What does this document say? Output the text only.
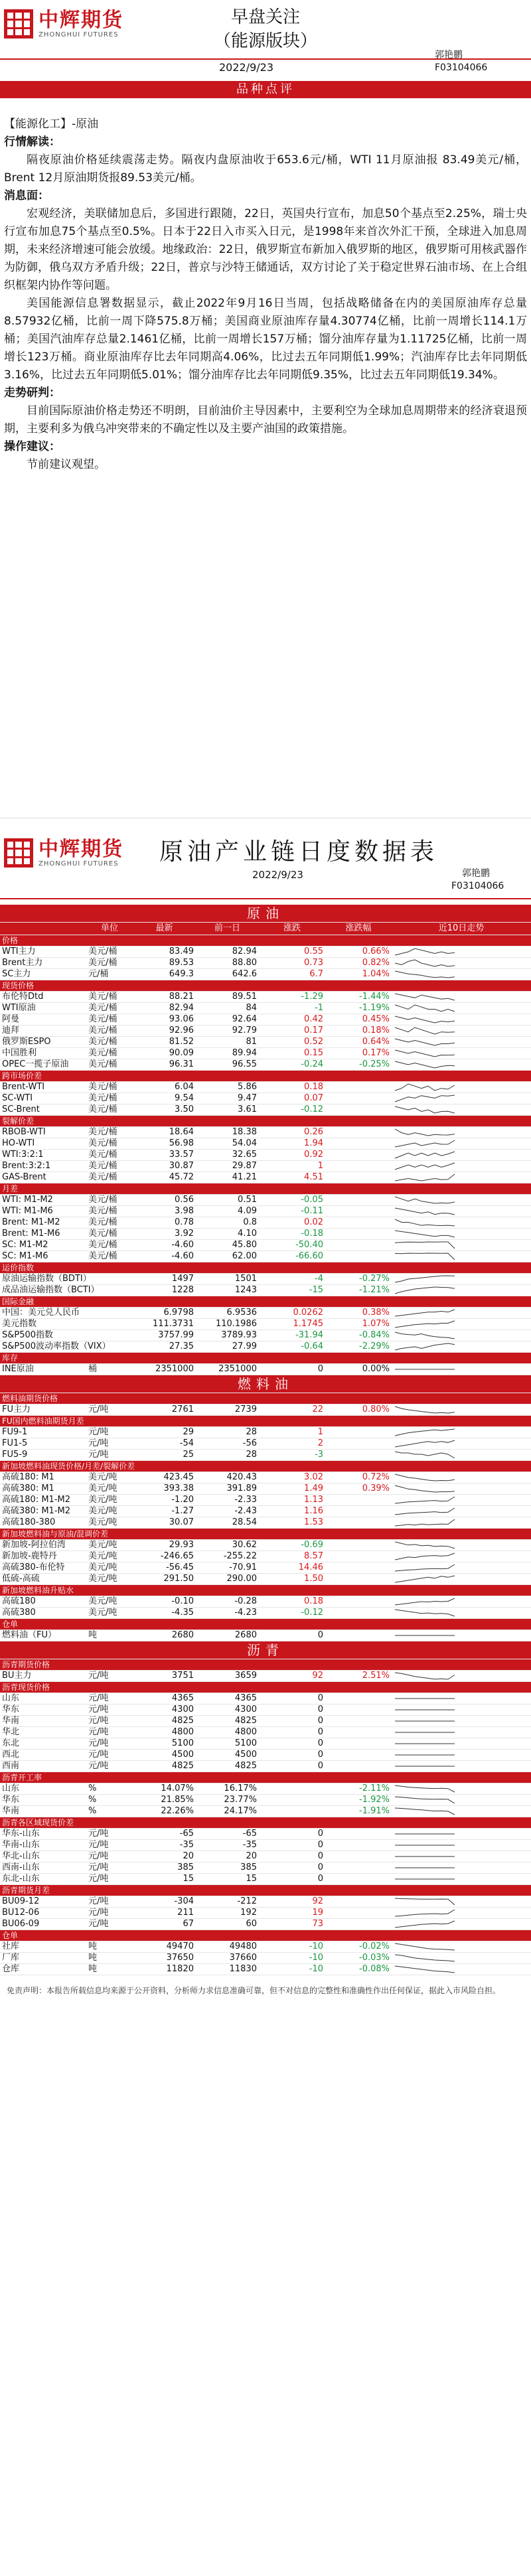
中辉期货
ZHONGHUI FUTURES
早盘关注
（能源版块）
郭艳鹏
2022/9/23	F03104066
品种点评
【能源化工】-原油
行情解读：

隔夜原油价格延续震荡走势。隔夜内盘原油收于653.6元/桶，WTI 11月原油报 83.49美元/桶，Brent 12月原油期货报89.53美元/桶。

消息面：

宏观经济，美联储加息后，多国进行跟随，22日，英国央行宣布，加息50个基点至2.25%，瑞士央行宣布加息75个基点至0.5%。日本于22日入市买入日元，是1998年来首次外汇干预，全球进入加息周期，未来经济增速可能会放缓。地缘政治：22日，俄罗斯宣布新加入俄罗斯的地区，俄罗斯可用核武器作为防御，俄乌双方矛盾升级；22日，普京与沙特王储通话，双方讨论了关于稳定世界石油市场、在上合组织框架内协作等问题。

美国能源信息署数据显示，截止2022年9月16日当周，包括战略储备在内的美国原油库存总量8.57932亿桶，比前一周下降575.8万桶；美国商业原油库存量4.30774亿桶，比前一周增长114.1万桶；美国汽油库存总量2.1461亿桶，比前一周增长157万桶；馏分油库存量为1.11725亿桶，比前一周增长123万桶。商业原油库存比去年同期高4.06%，比过去五年同期低1.99%；汽油库存比去年同期低3.16%，比过去五年同期低5.01%；馏分油库存比去年同期低9.35%，比过去五年同期低19.34%。

走势研判：

目前国际原油价格走势还不明朗，目前油价主导因素中，主要利空为全球加息周期带来的经济衰退预期，主要利多为俄乌冲突带来的不确定性以及主要产油国的政策措施。

操作建议：

节前建议观望。

中辉期货
ZHONGHUI FUTURES 原油产业链日度数据表
2022/9/23	郭艳鹏
F03104066
原油						
	单位	最新	前一日	涨跌	涨跌幅	近10日走势
价格						
WTI主力	美元/桶	83.49	82.94	0.55	0.66%	

Brent主力	美元/桶	89.53	88.80	0.73	0.82%	

SC主力	元/桶	649.3	642.6	6.7	1.04%	

现货价格						
布伦特Dtd	美元/桶	88.21	89.51	-1.29	-1.44%	

WTI原油	美元/桶	82.94	84	-1	-1.19%	

阿曼	美元/桶	93.06	92.64	0.42	0.45%	

迪拜	美元/桶	92.96	92.79	0.17	0.18%	

俄罗斯ESPO	美元/桶	81.52	81	0.52	0.64%	

中国胜利	美元/桶	90.09	89.94	0.15	0.17%	

OPEC一揽子原油	美元/桶	96.31	96.55	-0.24	-0.25%	

跨市场价差						
Brent-WTI	美元/桶	6.04	5.86	0.18		

SC-WTI	美元/桶	9.54	9.47	0.07		

SC-Brent	美元/桶	3.50	3.61	-0.12		

裂解价差						
RBOB-WTI	美元/桶	18.64	18.38	0.26		

HO-WTI	美元/桶	56.98	54.04	1.94		

WTI:3:2:1	美元/桶	33.57	32.65	0.92		

Brent:3:2:1	美元/桶	30.87	29.87	1		

GAS-Brent	美元/桶	45.72	41.21	4.51		

月差						
WTI: M1-M2	美元/桶	0.56	0.51	-0.05		

WTI: M1-M6	美元/桶	3.98	4.09	-0.11		

Brent: M1-M2	美元/桶	0.78	0.8	0.02		

Brent: M1-M6	美元/桶	3.92	4.10	-0.18		

SC: M1-M2	美元/桶	-4.60	45.80	-50.40		

SC: M1-M6	美元/桶	-4.60	62.00	-66.60		

运价指数						
原油运输指数（BDTI）		1497	1501	-4	-0.27%	

成品油运输指数（BCTI）		1228	1243	-15	-1.21%	

国际金融						
中国：美元兑人民币		6.9798	6.9536	0.0262	0.38%	

美元指数		111.3731	110.1986	1.1745	1.07%	

S&P500指数		3757.99	3789.93	-31.94	-0.84%	

S&P500波动率指数（VIX）		27.35	27.99	-0.64	-2.29%	

库存						
INE原油	桶	2351000	2351000	0	0.00%	

燃料油						
燃料油期货价格						
FU主力	元/吨	2761	2739	22	0.80%	

FU国内燃料油期货月差						
FU9-1	元/吨	29	28	1		

FU1-5	元/吨	-54	-56	2		

FU5-9	元/吨	25	28	-3		

新加坡燃料油现货价格/月差/裂解价差						
高硫180: M1	美元/吨	423.45	420.43	3.02	0.72%	

高硫380: M1	美元/吨	393.38	391.89	1.49	0.39%	

高硫180: M1-M2	美元/吨	-1.20	-2.33	1.13		

高硫380: M1-M2	美元/吨	-1.27	-2.43	1.16		

高硫180-380	美元/吨	30.07	28.54	1.53		

新加坡燃料油与原油/混调价差						
新加坡-阿拉伯湾	美元/吨	29.93	30.62	-0.69		

新加坡-鹿特丹	美元/吨	-246.65	-255.22	8.57		

高硫380-布伦特	美元/吨	-56.45	-70.91	14.46		

低硫-高硫	美元/吨	291.50	290.00	1.50		

新加坡燃料油升贴水						
高硫180	美元/吨	-0.10	-0.28	0.18		

高硫380	美元/吨	-4.35	-4.23	-0.12		

仓单						
燃料油（FU）	吨	2680	2680	0		

沥青						
沥青期货价格						
BU主力	元/吨	3751	3659	92	2.51%	

沥青现货价格						
山东	元/吨	4365	4365	0		

华东	元/吨	4300	4300	0		

华南	元/吨	4825	4825	0		

华北	元/吨	4800	4800	0		

东北	元/吨	5100	5100	0		

西北	元/吨	4500	4500	0		

西南	元/吨	4825	4825	0		

沥青开工率						
山东	%	14.07%	16.17%		-2.11%	

华东	%	21.85%	23.77%		-1.92%	

华南	%	22.26%	24.17%		-1.91%	

沥青各区域现货价差						
华东-山东	元/吨	-65	-65	0		

华南-山东	元/吨	-35	-35	0		

华北-山东	元/吨	20	20	0		

西南-山东	元/吨	385	385	0		

东北-山东	元/吨	15	15	0		

沥青期货月差						
BU09-12	元/吨	-304	-212	92		

BU12-06	元/吨	211	192	19		

BU06-09	元/吨	67	60	73		

仓单						
社库	吨	49470	49480	-10	-0.02%	

厂库	吨	37650	37660	-10	-0.03%	

仓库	吨	11820	11830	-10	-0.08%	
免责声明：本报告所载信息均来源于公开资料，分析师力求信息准确可靠，但不对信息的完整性和准确性作出任何保证，据此入市风险自担。
